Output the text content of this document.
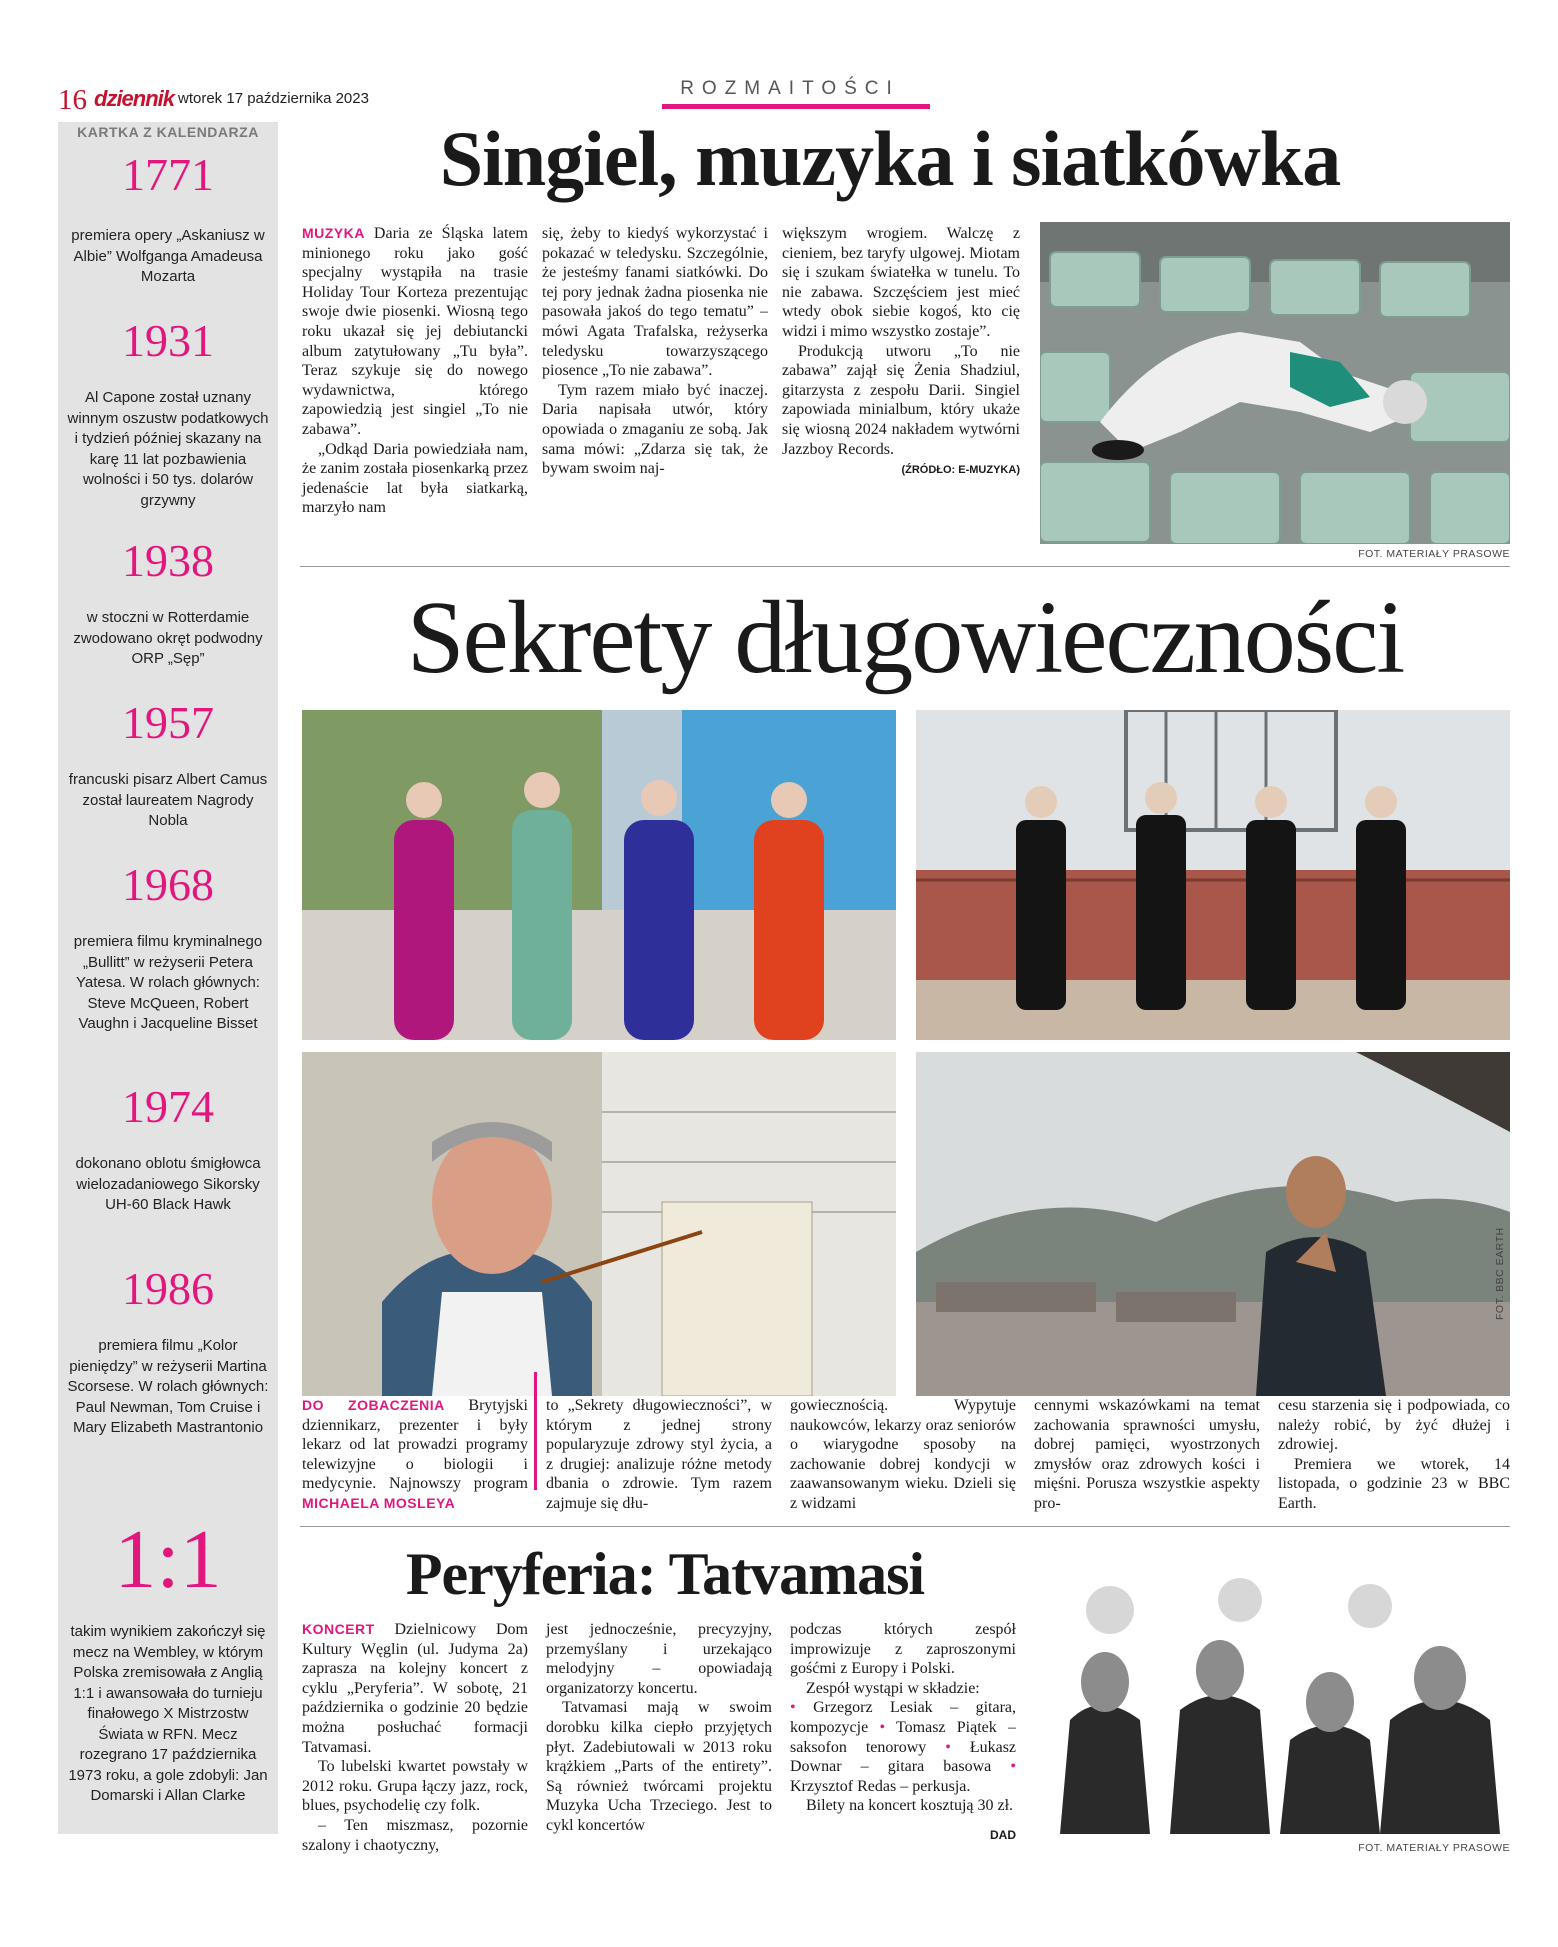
16 dziennik wtorek 17 października 2023	ROZMAITOŚCI
KARTKA Z KALENDARZA
1771
premiera opery „Askaniusz w Albie” Wolfganga Amadeusa Mozarta
1931
Al Capone został uznany winnym oszustw podatkowych i tydzień później skazany na karę 11 lat pozbawienia wolności i 50 tys. dolarów grzywny
1938
w stoczni w Rotterdamie zwodowano okręt podwodny ORP „Sęp”
1957
francuski pisarz Albert Camus został laureatem Nagrody Nobla
1968
premiera filmu kryminalnego „Bullitt” w reżyserii Petera Yatesa. W rolach głównych: Steve McQueen, Robert Vaughn i Jacqueline Bisset
1974
dokonano oblotu śmigłowca wielozadaniowego Sikorsky UH-60 Black Hawk
1986
premiera filmu „Kolor pieniędzy” w reżyserii Martina Scorsese. W rolach głównych: Paul Newman, Tom Cruise i Mary Elizabeth Mastrantonio
1:1
takim wynikiem zakończył się mecz na Wembley, w którym Polska zremisowała z Anglią 1:1 i awansowała do turnieju finałowego X Mistrzostw Świata w RFN. Mecz rozegrano 17 października 1973 roku, a gole zdobyli: Jan Domarski i Allan Clarke
Singiel, muzyka i siatkówka

MUZYKA Daria ze Śląska latem minionego roku jako gość specjalny wystąpiła na trasie Holiday Tour Korteza prezentując swoje dwie piosenki. Wiosną tego roku ukazał się jej debiutancki album zatytułowany „Tu była”. Teraz szykuje się do nowego wydawnictwa, którego zapowiedzią jest singiel „To nie zabawa”.

„Odkąd Daria powiedziała nam, że zanim została piosenkarką przez jedenaście lat była siatkarką, marzyło nam

się, żeby to kiedyś wykorzystać i pokazać w teledysku. Szczególnie, że jesteśmy fanami siatkówki. Do tej pory jednak żadna piosenka nie pasowała jakoś do tego tematu” – mówi Agata Trafalska, reżyserka teledysku towarzyszącego piosence „To nie zabawa”.

Tym razem miało być inaczej. Daria napisała utwór, który opowiada o zmaganiu ze sobą. Jak sama mówi: „Zdarza się tak, że bywam swoim naj-

większym wrogiem. Walczę z cieniem, bez taryfy ulgowej. Miotam się i szukam światełka w tunelu. To nie zabawa. Szczęściem jest mieć wtedy obok siebie kogoś, kto cię widzi i mimo wszystko zostaje”.

Produkcją utworu „To nie zabawa” zajął się Żenia Shadziul, gitarzysta z zespołu Darii. Singiel zapowiada minialbum, który ukaże się wiosną 2024 nakładem wytwórni Jazzboy Records.

(ŹRÓDŁO: E-MUZYKA)
FOT. MATERIAŁY PRASOWE
Sekrety długowieczności
FOT. BBC EARTH

DO ZOBACZENIA Brytyjski dziennikarz, prezenter i były lekarz od lat prowadzi programy telewizyjne o biologii i medycynie. Najnowszy program MICHAELA MOSLEYA

to „Sekrety długowieczności”, w którym z jednej strony popularyzuje zdrowy styl życia, a z drugiej: analizuje różne metody dbania o zdrowie. Tym razem zajmuje się dłu-

gowiecznością. Wypytuje naukowców, lekarzy oraz seniorów o wiarygodne sposoby na zachowanie dobrej kondycji w zaawansowanym wieku. Dzieli się z widzami

cennymi wskazówkami na temat zachowania sprawności umysłu, dobrej pamięci, wyostrzonych zmysłów oraz zdrowych kości i mięśni. Porusza wszystkie aspekty pro-

cesu starzenia się i podpowiada, co należy robić, by żyć dłużej i zdrowiej.

Premiera we wtorek, 14 listopada, o godzinie 23 w BBC Earth.

Peryferia: Tatvamasi

KONCERT Dzielnicowy Dom Kultury Węglin (ul. Judyma 2a) zaprasza na kolejny koncert z cyklu „Peryferia”. W sobotę, 21 października o godzinie 20 będzie można posłuchać formacji Tatvamasi.

To lubelski kwartet powstały w 2012 roku. Grupa łączy jazz, rock, blues, psychodelię czy folk.

– Ten miszmasz, pozornie szalony i chaotyczny,

jest jednocześnie, precyzyjny, przemyślany i urzekająco melodyjny – opowiadają organizatorzy koncertu.

Tatvamasi mają w swoim dorobku kilka ciepło przyjętych płyt. Zadebiutowali w 2013 roku krążkiem „Parts of the entirety”. Są również twórcami projektu Muzyka Ucha Trzeciego. Jest to cykl koncertów

podczas których zespół improwizuje z zaproszonymi gośćmi z Europy i Polski.

Zespół wystąpi w składzie:

• Grzegorz Lesiak – gitara, kompozycje • Tomasz Piątek – saksofon tenorowy • Łukasz Downar – gitara basowa • Krzysztof Redas – perkusja.

Bilety na koncert kosztują 30 zł.

DAD
FOT. MATERIAŁY PRASOWE
